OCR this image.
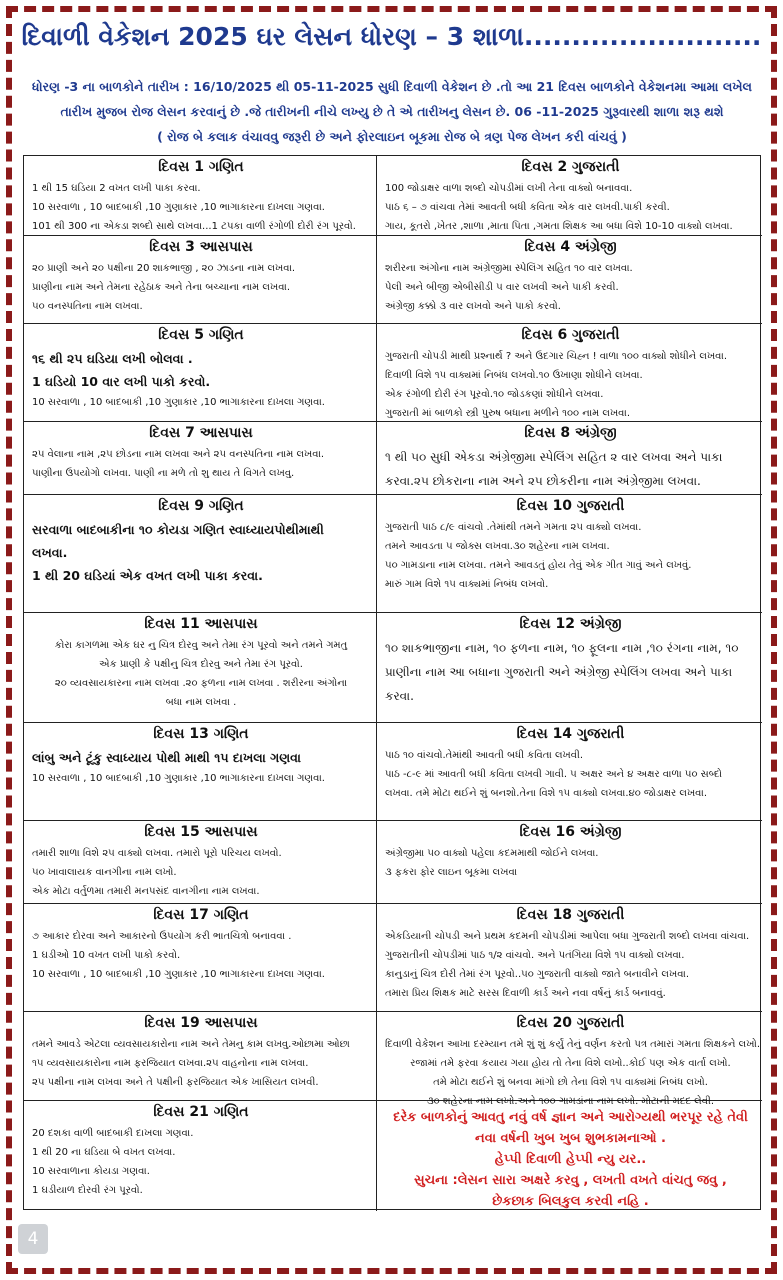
દિવાળી વેકેશન 2025 ઘર લેસન ધોરણ – 3 શાળા.........................
ધોરણ -3 ના બાળકોને તારીખ : 16/10/2025 થી 05-11-2025 સુધી દિવાળી વેકેશન છે .તો આ 21 દિવસ બાળકોને વેકેશનમા આમા લખેલ
તારીખ મુજબ રોજ લેસન કરવાનું છે .જે તારીખની નીચે લખ્યુ છે તે એ તારીખનુ લેસન છે. 06 -11-2025 ગુરૂવારથી શાળા શરૂ થશે
( રોજ બે કલાક વંચાવવુ જરૂરી છે અને ફોરલાઇન બૂકમા રોજ બે ત્રણ પેજ લેખન કરી વાંચવું )
દિવસ 1 ગણિત

1 થી 15 ઘડિયા 2 વખત લખી પાકા કરવા.

10 સરવાળા , 10 બાદબાકી ,10 ગુણાકાર ,10 ભાગાકારના દાખલા ગણવા.

101 થી 300 ના એકડા શબ્દો સાથે લખવા...1 ટપકા વાળી રંગોળી દોરી રંગ પૂરવો.

દિવસ 2 ગુજરાતી

100 જોડાક્ષર વાળા શબ્દો ચોપડીમાં લખી તેના વાક્યો બનાવવા.

પાઠ ૬ – ૭ વાંચવા તેમાં આવતી બધી કવિતા એક વાર લખવી.પાકી કરવી.

ગાય, કૂતરો ,ખેતર ,શાળા ,માતા પિતા ,ગમતા શિક્ષક આ બધા વિશે 10-10 વાક્યો લખવા.

દિવસ 3 આસપાસ

૨૦ પ્રાણી અને ૨૦ પક્ષીના 20 શાકભાજી , ૨૦ ઝાડના નામ લખવા.

પ્રાણીના નામ અને તેમના રહેઠાક અને તેના બચ્ચાના નામ લખવા.

૫૦ વનસ્પતિના નામ લખવા.

દિવસ 4 અંગ્રેજી

શરીરના અંગોના નામ અંગ્રેજીમા સ્પેલિંગ સહિત ૧૦ વાર લખવા.

પેલી અને બીજી એબીસીડી ૫ વાર લખવી અને પાકી કરવી.

અંગ્રેજી કક્કો ૩ વાર લખવો અને પાકો કરવો.

દિવસ 5 ગણિત

૧૬ થી ૨૫ ઘડિયા લખી બોલવા .

1 ઘડિયો 10 વાર લખી પાકો કરવો.

10 સરવાળા , 10 બાદબાકી ,10 ગુણાકાર ,10 ભાગાકારના દાખલા ગણવા.

દિવસ 6 ગુજરાતી

ગુજરાતી ચોપડી માથી પ્રશ્નાર્થ ? અને ઉદગાર ચિહ્ન ! વાળા ૧૦૦ વાક્યો શોધીને લખવા.

દિવાળી વિશે ૧૫ વાક્યમાં નિબંધ લખવો.૧૦ ઉખાણા શોધીને લખવા.

એક રંગોળી દોરી રંગ પૂરવો.૧૦ જોડકણાં શોધીને લખવા.

ગુજરાતી માં બાળકો સ્ત્રી પુરુષ બધાના મળીને ૧૦૦ નામ લખવા.

દિવસ 7 આસપાસ

૨૫ વેલાના નામ ,૨૫ છોડના નામ લખવા અને ૨૫ વનસ્પતિના નામ લખવા.

પાણીના ઉપયોગો લખવા. પાણી ના મળે તો શુ થાય તે વિગતે લખવુ.

દિવસ 8 અંગ્રેજી

૧ થી ૫૦ સુધી એકડા અંગ્રેજીમા સ્પેલિંગ સહિત ૨ વાર લખવા અને પાકા કરવા.૨૫ છોકરાના નામ અને ૨૫ છોકરીના નામ અંગ્રેજીમા લખવા.

દિવસ 9 ગણિત

સરવાળા બાદબાકીના ૧૦ કોયડા ગણિત સ્વાધ્યાયપોથીમાથી

લખવા.

1 થી 20 ઘડિયાં એક વખત લખી પાકા કરવા.

દિવસ 10 ગુજરાતી

ગુજરાતી પાઠ ૮/૯ વાંચવો .તેમાંથી તમને ગમતા ૨૫ વાક્યો લખવા.

તમને આવડતા ૫ જોક્સ લખવા.૩૦ શહેરના નામ લખવા.

૫૦ ગામડાના નામ લખવા. તમને આવડતું હોય તેવું એક ગીત ગાવું અને લખવું.

મારું ગામ વિશે ૧૫ વાક્યમાં નિબંધ લખવો.

દિવસ 11 આસપાસ

કોરા કાગળમા એક ઘર નુ ચિત્ર દોરવુ અને તેમા રંગ પૂરવો અને તમને ગમતુ

એક પ્રાણી કે પક્ષીનુ ચિત્ર દોરવુ અને તેમા રંગ પૂરવો.

૨૦ વ્યવસાયકારના નામ લખવા .૨૦ ફળના નામ લખવા . શરીરના અંગોના

બધા નામ લખવા .

દિવસ 12 અંગ્રેજી

૧૦ શાકભાજીના નામ, ૧૦ ફળના નામ, ૧૦ ફૂલના નામ ,૧૦ રંગના નામ, ૧૦ પ્રાણીના નામ આ બધાના ગુજરાતી અને અંગ્રેજી સ્પેલિંગ લખવા અને પાકા કરવા.

દિવસ 13 ગણિત

લાંબુ અને ટૂંકુ સ્વાધ્યાય પોથી માથી ૧૫ દાખલા ગણવા

10 સરવાળા , 10 બાદબાકી ,10 ગુણાકાર ,10 ભાગાકારના દાખલા ગણવા.

દિવસ 14 ગુજરાતી

પાઠ ૧૦ વાંચવો.તેમાંથી આવતી બધી કવિતા લખવી.

પાઠ -૮-૯ માં આવતી બધી કવિતા લખવી ગાવી. ૫ અક્ષર અને ૪ અક્ષર વાળા ૫૦ સબ્દો

લખવા. તમે મોટા થઈને શું બનશો.તેના વિશે ૧૫ વાક્યો લખવા.૪૦ જોડાક્ષર લખવા.

દિવસ 15 આસપાસ

તમારી શાળા વિશે ૨૫ વાક્યો લખવા. તમારો પૂરો પરિચય લખવો.

૫૦ ખાવાલાયક વાનગીના નામ લખો.

એક મોટા વર્તુળમા તમારી મનપસંદ વાનગીના નામ લખવા.

દિવસ 16 અંગ્રેજી

અંગ્રેજીમા ૫૦ વાક્યો પહેલા કદમમાથી જોઈને લખવા.

૩ ફકરા ફોર લાઇન બૂકમા લખવા

દિવસ 17 ગણિત

૭ આકાર દોરવા અને આકારનો ઉપયોગ કરી ભાતચિત્રો બનાવવા .

1 ઘડીઓ 10 વખત લખી પાકો કરવો.

10 સરવાળા , 10 બાદબાકી ,10 ગુણાકાર ,10 ભાગાકારના દાખલા ગણવા.

દિવસ 18 ગુજરાતી

એકડિયાની ચોપડી અને પ્રથમ કદમની ચોપડીમાં આપેલા બધા ગુજરાતી શબ્દો લખવા વાંચવા.

ગુજરાતીની ચોપડીમાં પાઠ ૧/૨ વાંચવો. અને પતંગિયા વિશે ૧૫ વાક્યો લખવા.

કાનુડાનું ચિત્ર દોરી તેમાં રંગ પૂરવો..૫૦ ગુજરાતી વાક્યો જાતે બનાવીને લખવા.

તમારા પ્રિય શિક્ષક માટે સરસ દિવાળી કાર્ડ અને નવા વર્ષનું કાર્ડ બનાવવું.

દિવસ 19 આસપાસ

તમને આવડે એટલા વ્યવસાયકારોના નામ અને તેમનુ કામ લખવુ.ઓછામા ઓછા

૧૫ વ્યવસાયકારોના નામ ફરજિયાત લખવા.૨૫ વાહનોના નામ લખવા.

૨૫ પક્ષીના નામ લખવા અને તે પક્ષીની ફરજિયાત એક ખાસિયત લખવી.

દિવસ 20 ગુજરાતી

દિવાળી વેકેશન આખા દરમ્યાન તમે શું શું કર્યું તેનું વર્ણન કરતો પત્ર તમારાં ગમતા શિક્ષકને લખો.

રજામાં તમે ફરવા કયાય ગયા હોય તો તેના વિશે લખો..કોઈ પણ એક વાર્તા લખો.

તમે મોટા થઈને શું બનવા માંગો છો તેના વિશે ૧૫ વાક્યમાં નિબંધ લખો.

૩૦ શહેરના નામ લખો.અને ૧૦૦ ગામડાંના નામ લખો. મોટાની મદદ લેવી.

દિવસ 21 ગણિત

20 દશકા વાળી બાદબાકી દાખલા ગણવા.

1 થી 20 ના ઘડિયા બે વખત લખવા.

10 સરવાળાના કોયડા ગણવા.

1 ઘડીયાળ દોરવી રંગ પૂરવો.

દરેક બાળકોનું આવતુ નવું વર્ષ જ્ઞાન અને આરોગ્યથી ભરપૂર રહે તેવી

નવા વર્ષની ખુબ ખુબ શુભકામનાઓ .

હેપ્પી દિવાળી હેપ્પી ન્યુ યર..

સુચના :લેસન સારા અક્ષરે કરવુ , લખતી વખતે વાંચતુ જવુ ,

છેકછાક બિલકુલ કરવી નહિ .

4
